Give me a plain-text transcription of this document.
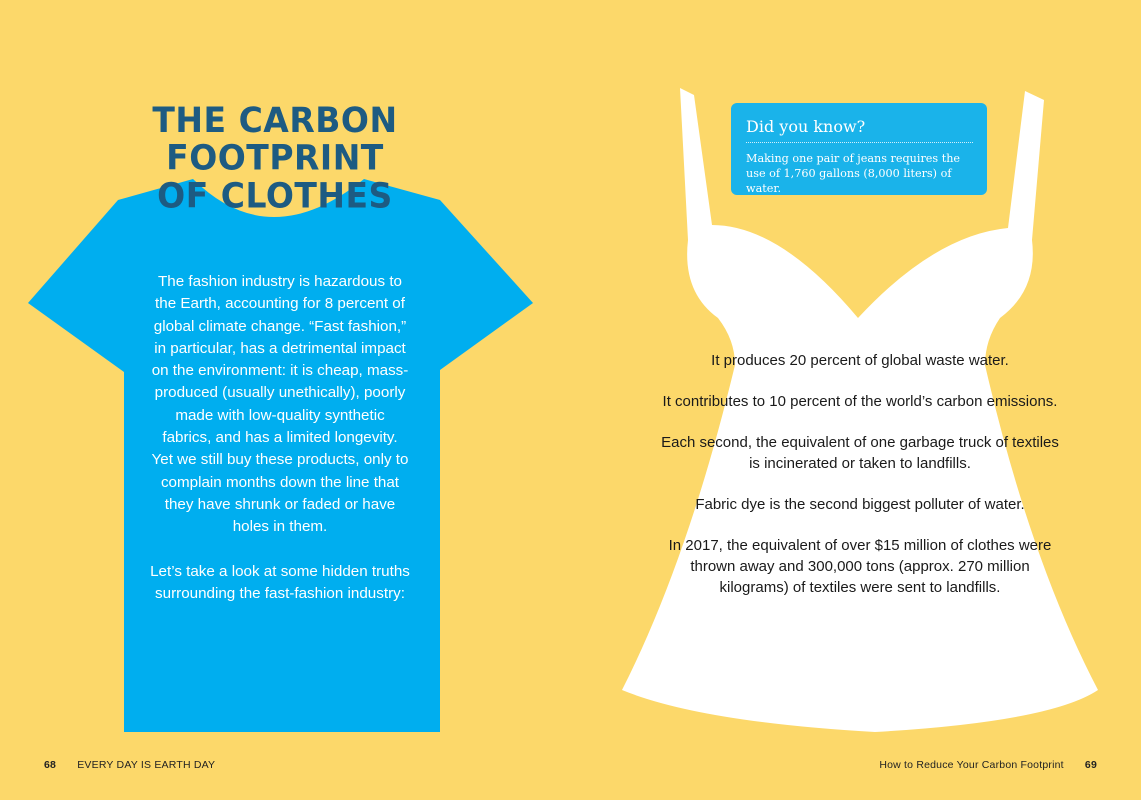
THE CARBON FOOTPRINT
OF CLOTHES

The fashion industry is hazardous to the Earth, accounting for 8 percent of global climate change. “Fast fashion,” in particular, has a detrimental impact on the environment: it is cheap, mass-produced (usually unethically), poorly made with low-quality synthetic fabrics, and has a limited longevity. Yet we still buy these products, only to complain months down the line that they have shrunk or faded or have holes in them.

Let’s take a look at some hidden truths surrounding the fast-fashion industry:

Did you know?
Making one pair of jeans requires the use of 1,760 gallons (8,000 liters) of water.

It produces 20 percent of global waste water.

It contributes to 10 percent of the world’s carbon emissions.

Each second, the equivalent of one garbage truck of textiles is incinerated or taken to landfills.

Fabric dye is the second biggest polluter of water.

In 2017, the equivalent of over $15 million of clothes were thrown away and 300,000 tons (approx. 270 million kilograms) of textiles were sent to landfills.

68 EVERY DAY IS EARTH DAY	How to Reduce Your Carbon Footprint 69
